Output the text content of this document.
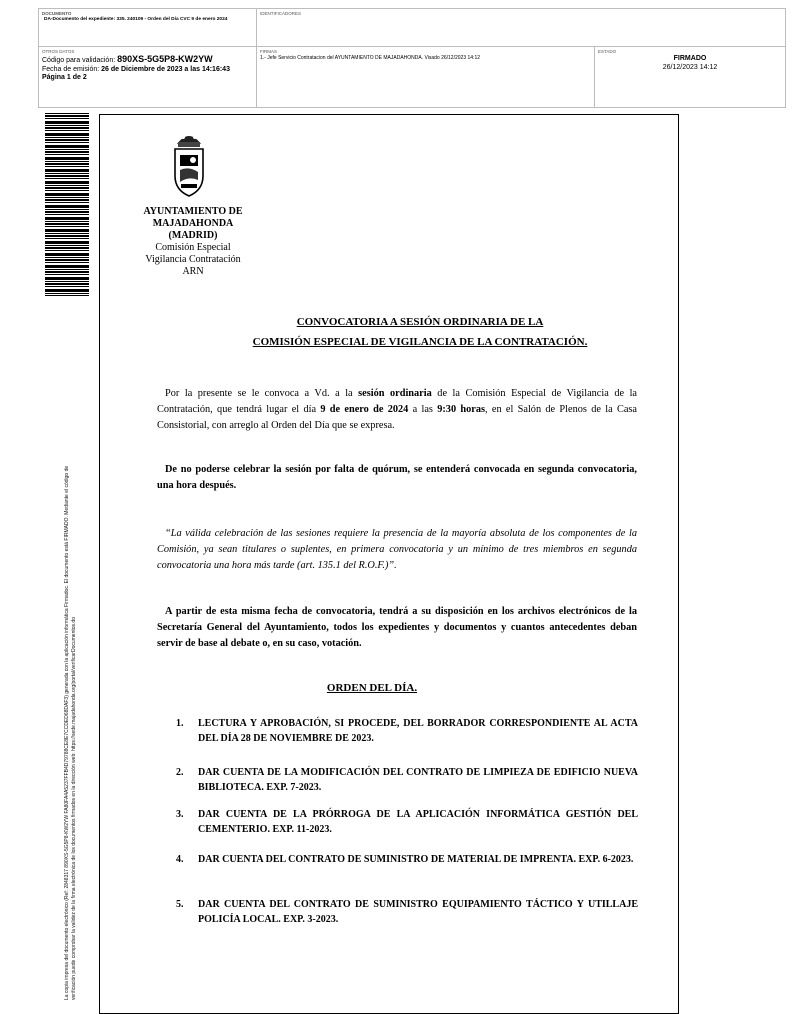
DOCUMENTO
DA-Documento del expediente: 335. 240109 - Orden del Día CVC 9 de enero 2024
IDENTIFICADORES
OTROS DATOS
Código para validación: 890XS-5G5P8-KW2YW
Fecha de emisión: 26 de Diciembre de 2023 a las 14:16:43
Página 1 de 2
FIRMAS
1.- Jefe Servicio Contratacion del AYUNTAMIENTO DE MAJADAHONDA. Visado 26/12/2023 14:12
ESTADO
FIRMADO
26/12/2023 14:12
La copia impresa del documento electrónico (Ref: 2848317 890XS-5G5P8-KW2YW FA80FA4A5237FFB4D79788CE8E7CCDED68DAF3) generada con la aplicación informática Firmadoc. El documento está FIRMADO. Mediante el código de verificación puede comprobar la validez de la firma electrónica de los documentos firmados en la dirección web: https://sede.majadahonda.org/portal/verificarDocumentos.do
AYUNTAMIENTO DE
MAJADAHONDA
(MADRID)
Comisión Especial
Vigilancia Contratación
ARN
CONVOCATORIA A SESIÓN ORDINARIA DE LA
COMISIÓN ESPECIAL DE VIGILANCIA DE LA CONTRATACIÓN.
Por la presente se le convoca a Vd. a la sesión ordinaria de la Comisión Especial de Vigilancia de la Contratación, que tendrá lugar el día 9 de enero de 2024 a las 9:30 horas, en el Salón de Plenos de la Casa Consistorial, con arreglo al Orden del Día que se expresa.
De no poderse celebrar la sesión por falta de quórum, se entenderá convocada en segunda convocatoria, una hora después.
“La válida celebración de las sesiones requiere la presencia de la mayoría absoluta de los componentes de la Comisión, ya sean titulares o suplentes, en primera convocatoria y un mínimo de tres miembros en segunda convocatoria una hora más tarde (art. 135.1 del R.O.F.)”.
A partir de esta misma fecha de convocatoria, tendrá a su disposición en los archivos electrónicos de la Secretaría General del Ayuntamiento, todos los expedientes y documentos y cuantos antecedentes deban servir de base al debate o, en su caso, votación.
ORDEN DEL DÍA.
1.	LECTURA Y APROBACIÓN, SI PROCEDE, DEL BORRADOR CORRESPONDIENTE AL ACTA DEL DÍA 28 DE NOVIEMBRE DE 2023.
2.	DAR CUENTA DE LA MODIFICACIÓN DEL CONTRATO DE LIMPIEZA DE EDIFICIO NUEVA BIBLIOTECA. EXP. 7-2023.
3.	DAR CUENTA DE LA PRÓRROGA DE LA APLICACIÓN INFORMÁTICA GESTIÓN DEL CEMENTERIO. EXP. 11-2023.
4.	DAR CUENTA DEL CONTRATO DE SUMINISTRO DE MATERIAL DE IMPRENTA. EXP. 6-2023.
5.	DAR CUENTA DEL CONTRATO DE SUMINISTRO EQUIPAMIENTO TÁCTICO Y UTILLAJE POLICÍA LOCAL. EXP. 3-2023.
